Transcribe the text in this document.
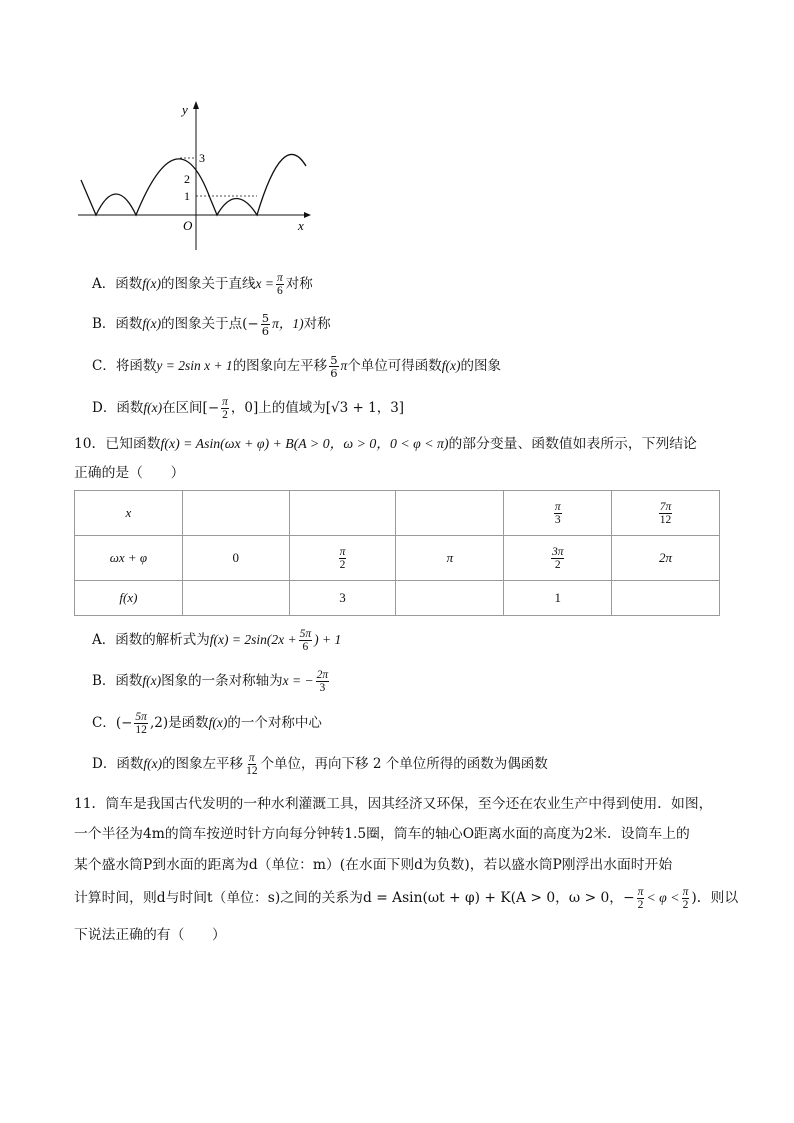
y
x
O
3
2
1
A．函数f(x)的图象关于直线$x = \frac{\pi}{6}$ 对称
B．函数f(x)的图象关于点(− $\frac{5}{6}$ π，1)对称
C．将函数y = 2sin x + 1的图象向左平移 $\frac{5}{6}$ π个单位可得函数f(x)的图象
D．函数f(x)在区间[− $\frac{\pi}{2}$ ，0]上的值域为[√3 + 1，3]
10．已知函数f(x) = Asin(ωx + φ) + B(A > 0，ω > 0，0 < φ < π)的部分变量、函数值如表所示，下列结论
正确的是（　　）
x				$\frac{\pi}{3}$	$\frac{7\pi}{12}$

ωx + φ	0	$\frac{\pi}{2}$	π	$\frac{3\pi}{2}$	2π
f(x)		3		1	
A．函数的解析式为$f(x) = 2\sin(2x + \frac{5\pi}{6}$ ) + 1
B．函数f(x)图象的一条对称轴为x = − $\frac{2\pi}{3}$
C．(− $\frac{5\pi}{12} ,2$)是函数f(x)的一个对称中心
D．函数f(x)的图象左平移 $\frac{\pi}{12}$ 个单位，再向下移 2 个单位所得的函数为偶函数
11．筒车是我国古代发明的一种水利灌溉工具，因其经济又环保，至今还在农业生产中得到使用．如图，
一个半径为4m的筒车按逆时针方向每分钟转1.5圈，筒车的轴心O距离水面的高度为2米．设筒车上的
某个盛水筒P到水面的距离为d（单位：m）(在水面下则d为负数)，若以盛水筒P刚浮出水面时开始
计算时间，则d与时间t（单位：s)之间的关系为d = Asin(ωt + φ) + K(A > 0，ω > 0，− $\frac{\pi}{2} < \varphi < \frac{\pi}{2}$ )．则以
下说法正确的有（　　）
